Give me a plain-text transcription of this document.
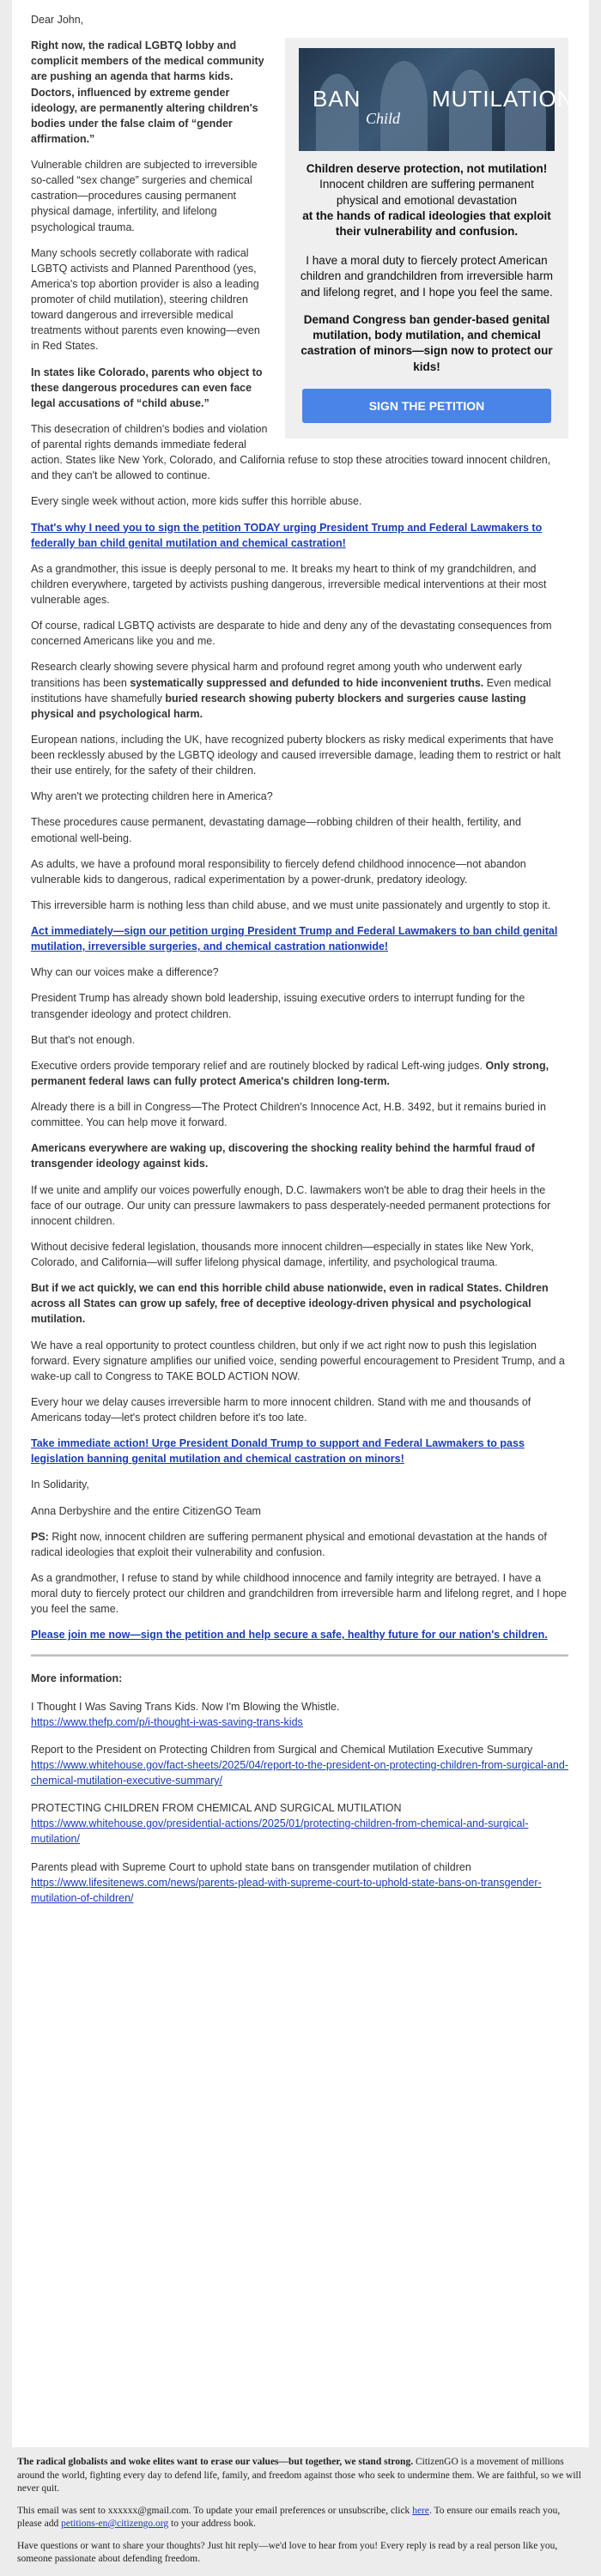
Dear John,

BAN
Child
MUTILATION
Children deserve protection, not mutilation!
Innocent children are suffering permanent physical and emotional devastation
at the hands of radical ideologies that exploit their vulnerability and confusion.
I have a moral duty to fiercely protect American children and grandchildren from irreversible harm and lifelong regret, and I hope you feel the same.
Demand Congress ban gender-based genital mutilation, body mutilation, and chemical castration of minors—sign now to protect our kids!
SIGN THE PETITION

Right now, the radical LGBTQ lobby and complicit members of the medical community are pushing an agenda that harms kids. Doctors, influenced by extreme gender ideology, are permanently altering children's bodies under the false claim of “gender affirmation.”

Vulnerable children are subjected to irreversible so-called “sex change” surgeries and chemical castration—procedures causing permanent physical damage, infertility, and lifelong psychological trauma.

Many schools secretly collaborate with radical LGBTQ activists and Planned Parenthood (yes, America's top abortion provider is also a leading promoter of child mutilation), steering children toward dangerous and irreversible medical treatments without parents even knowing—even in Red States.

In states like Colorado, parents who object to these dangerous procedures can even face legal accusations of “child abuse.”

This desecration of children's bodies and violation of parental rights demands immediate federal action. States like New York, Colorado, and California refuse to stop these atrocities toward innocent children, and they can't be allowed to continue.

Every single week without action, more kids suffer this horrible abuse.

That's why I need you to sign the petition TODAY urging President Trump and Federal Lawmakers to federally ban child genital mutilation and chemical castration!

As a grandmother, this issue is deeply personal to me. It breaks my heart to think of my grandchildren, and children everywhere, targeted by activists pushing dangerous, irreversible medical interventions at their most vulnerable ages.

Of course, radical LGBTQ activists are desparate to hide and deny any of the devastating consequences from concerned Americans like you and me.

Research clearly showing severe physical harm and profound regret among youth who underwent early transitions has been systematically suppressed and defunded to hide inconvenient truths. Even medical institutions have shamefully buried research showing puberty blockers and surgeries cause lasting physical and psychological harm.

European nations, including the UK, have recognized puberty blockers as risky medical experiments that have been recklessly abused by the LGBTQ ideology and caused irreversible damage, leading them to restrict or halt their use entirely, for the safety of their children.

Why aren't we protecting children here in America?

These procedures cause permanent, devastating damage—robbing children of their health, fertility, and emotional well-being.

As adults, we have a profound moral responsibility to fiercely defend childhood innocence—not abandon vulnerable kids to dangerous, radical experimentation by a power-drunk, predatory ideology.

This irreversible harm is nothing less than child abuse, and we must unite passionately and urgently to stop it.

Act immediately—sign our petition urging President Trump and Federal Lawmakers to ban child genital mutilation, irreversible surgeries, and chemical castration nationwide!

Why can our voices make a difference?

President Trump has already shown bold leadership, issuing executive orders to interrupt funding for the transgender ideology and protect children.

But that's not enough.

Executive orders provide temporary relief and are routinely blocked by radical Left-wing judges. Only strong, permanent federal laws can fully protect America's children long-term.

Already there is a bill in Congress—The Protect Children's Innocence Act, H.B. 3492, but it remains buried in committee. You can help move it forward.

Americans everywhere are waking up, discovering the shocking reality behind the harmful fraud of transgender ideology against kids.

If we unite and amplify our voices powerfully enough, D.C. lawmakers won't be able to drag their heels in the face of our outrage. Our unity can pressure lawmakers to pass desperately-needed permanent protections for innocent children.

Without decisive federal legislation, thousands more innocent children—especially in states like New York, Colorado, and California—will suffer lifelong physical damage, infertility, and psychological trauma.

But if we act quickly, we can end this horrible child abuse nationwide, even in radical States. Children across all States can grow up safely, free of deceptive ideology-driven physical and psychological mutilation.

We have a real opportunity to protect countless children, but only if we act right now to push this legislation forward. Every signature amplifies our unified voice, sending powerful encouragement to President Trump, and a wake-up call to Congress to TAKE BOLD ACTION NOW.

Every hour we delay causes irreversible harm to more innocent children. Stand with me and thousands of Americans today—let's protect children before it's too late.

Take immediate action! Urge President Donald Trump to support and Federal Lawmakers to pass legislation banning genital mutilation and chemical castration on minors!

In Solidarity,

Anna Derbyshire and the entire CitizenGO Team

PS: Right now, innocent children are suffering permanent physical and emotional devastation at the hands of radical ideologies that exploit their vulnerability and confusion.

As a grandmother, I refuse to stand by while childhood innocence and family integrity are betrayed. I have a moral duty to fiercely protect our children and grandchildren from irreversible harm and lifelong regret, and I hope you feel the same.

Please join me now—sign the petition and help secure a safe, healthy future for our nation's children.

More information:

I Thought I Was Saving Trans Kids. Now I'm Blowing the Whistle.
https://www.thefp.com/p/i-thought-i-was-saving-trans-kids

Report to the President on Protecting Children from Surgical and Chemical Mutilation Executive Summary
https://www.whitehouse.gov/fact-sheets/2025/04/report-to-the-president-on-protecting-children-from-surgical-and-chemical-mutilation-executive-summary/

PROTECTING CHILDREN FROM CHEMICAL AND SURGICAL MUTILATION
https://www.whitehouse.gov/presidential-actions/2025/01/protecting-children-from-chemical-and-surgical-mutilation/

Parents plead with Supreme Court to uphold state bans on transgender mutilation of children
https://www.lifesitenews.com/news/parents-plead-with-supreme-court-to-uphold-state-bans-on-transgender-mutilation-of-children/

The radical globalists and woke elites want to erase our values—but together, we stand strong. CitizenGO is a movement of millions around the world, fighting every day to defend life, family, and freedom against those who seek to undermine them. We are faithful, so we will never quit.

This email was sent to xxxxxx@gmail.com. To update your email preferences or unsubscribe, click here. To ensure our emails reach you, please add petitions-en@citizengo.org to your address book.

Have questions or want to share your thoughts? Just hit reply—we'd love to hear from you! Every reply is read by a real person like you, someone passionate about defending freedom.
